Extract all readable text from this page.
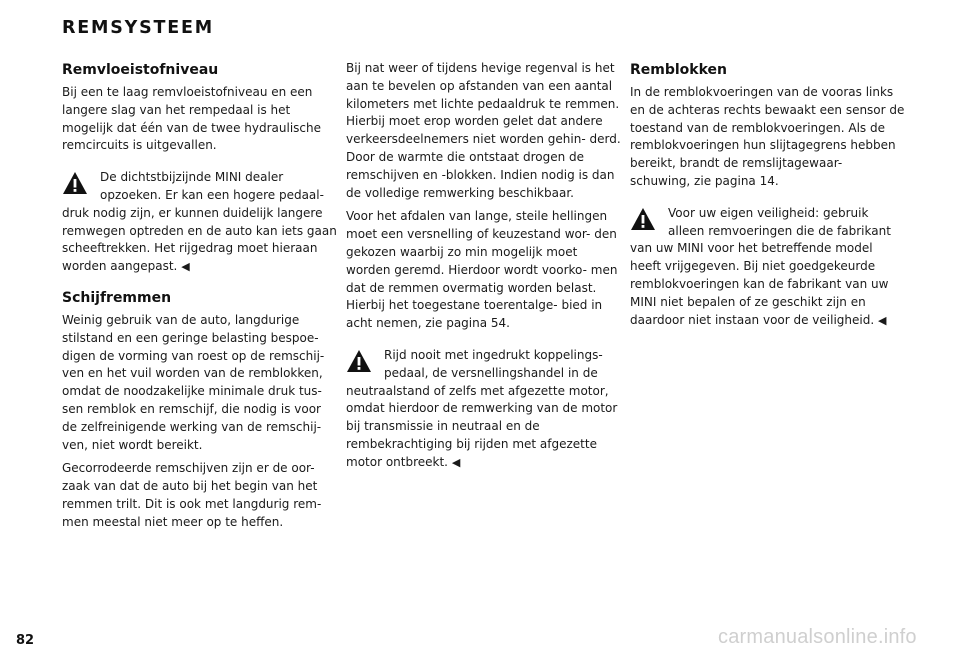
REMSYSTEEM
Remvloeistofniveau

Bij een te laag remvloeistofniveau en een langere slag van het rempedaal is het mogelijk dat één van de twee hydraulische remcircuits is uitgevallen.

De dichtstbijzijnde MINI dealer opzoeken. Er kan een hogere pedaal- druk nodig zijn, er kunnen duidelijk langere remwegen optreden en de auto kan iets gaan scheeftrekken. Het rijgedrag moet hieraan worden aangepast. ◀
Schijfremmen

Weinig gebruik van de auto, langdurige stilstand en een geringe belasting bespoe- digen de vorming van roest op de remschij- ven en het vuil worden van de remblokken, omdat de noodzakelijke minimale druk tus- sen remblok en remschijf, die nodig is voor de zelfreinigende werking van de remschij- ven, niet wordt bereikt.

Gecorrodeerde remschijven zijn er de oor- zaak van dat de auto bij het begin van het remmen trilt. Dit is ook met langdurig rem- men meestal niet meer op te heffen.

Bij nat weer of tijdens hevige regenval is het aan te bevelen op afstanden van een aantal kilometers met lichte pedaaldruk te remmen.
Hierbij moet erop worden gelet dat andere verkeersdeelnemers niet worden gehin- derd. Door de warmte die ontstaat drogen de remschijven en -blokken. Indien nodig is dan de volledige remwerking beschikbaar.

Voor het afdalen van lange, steile hellingen moet een versnelling of keuzestand wor- den gekozen waarbij zo min mogelijk moet worden geremd. Hierdoor wordt voorko- men dat de remmen overmatig worden belast. Hierbij het toegestane toerentalge- bied in acht nemen, zie pagina 54.

Rijd nooit met ingedrukt koppelings- pedaal, de versnellingshandel in de neutraalstand of zelfs met afgezette motor, omdat hierdoor de remwerking van de motor bij transmissie in neutraal en de rembekrachtiging bij rijden met afgezette motor ontbreekt. ◀
Remblokken

In de remblokvoeringen van de vooras links en de achteras rechts bewaakt een sensor de toestand van de remblokvoeringen. Als de remblokvoeringen hun slijtagegrens hebben bereikt, brandt de remslijtagewaar- schuwing, zie pagina 14.

Voor uw eigen veiligheid: gebruik alleen remvoeringen die de fabrikant van uw MINI voor het betreffende model heeft vrijgegeven. Bij niet goedgekeurde remblokvoeringen kan de fabrikant van uw MINI niet bepalen of ze geschikt zijn en daardoor niet instaan voor de veiligheid. ◀
82	carmanualsonline.info
